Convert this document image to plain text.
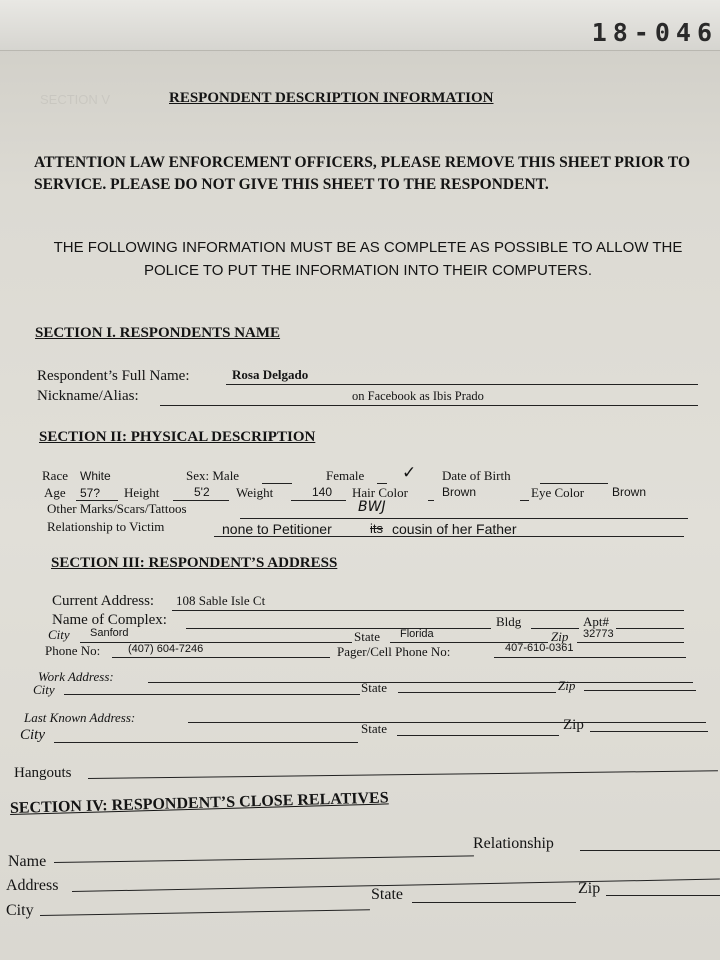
18-046
SECTION V	RESPONDENT DESCRIPTION INFORMATION
ATTENTION LAW ENFORCEMENT OFFICERS, PLEASE REMOVE THIS SHEET PRIOR TO SERVICE. PLEASE DO NOT GIVE THIS SHEET TO THE RESPONDENT.
THE FOLLOWING INFORMATION MUST BE AS COMPLETE AS POSSIBLE TO ALLOW THE POLICE TO PUT THE INFORMATION INTO THEIR COMPUTERS.
SECTION I. RESPONDENTS NAME
Respondent’s Full Name:	Rosa Delgado
Nickname/Alias:	on Facebook as Ibis Prado
SECTION II: PHYSICAL DESCRIPTION
Race White	Sex: Male	Female ✓ Date of Birth
Age 57? Height	5'2 Weight	140 Hair Color	Brown	Eye Color Brown
Other Marks/Scars/Tattoos	BWJ
Relationship to Victim	none to Petitioner	its cousin of her Father
SECTION III: RESPONDENT’S ADDRESS
Current Address: 108 Sable Isle Ct
Name of Complex:	Bldg	Apt#
City Sanford	State Florida	Zip 32773
Phone No:	(407) 604-7246	Pager/Cell Phone No:	407-610-0361
Work Address:
City	State	Zip
Last Known Address:
City	State	Zip
Hangouts
SECTION IV: RESPONDENT’S CLOSE RELATIVES
Relationship
Name
Address
City
State	Zip
